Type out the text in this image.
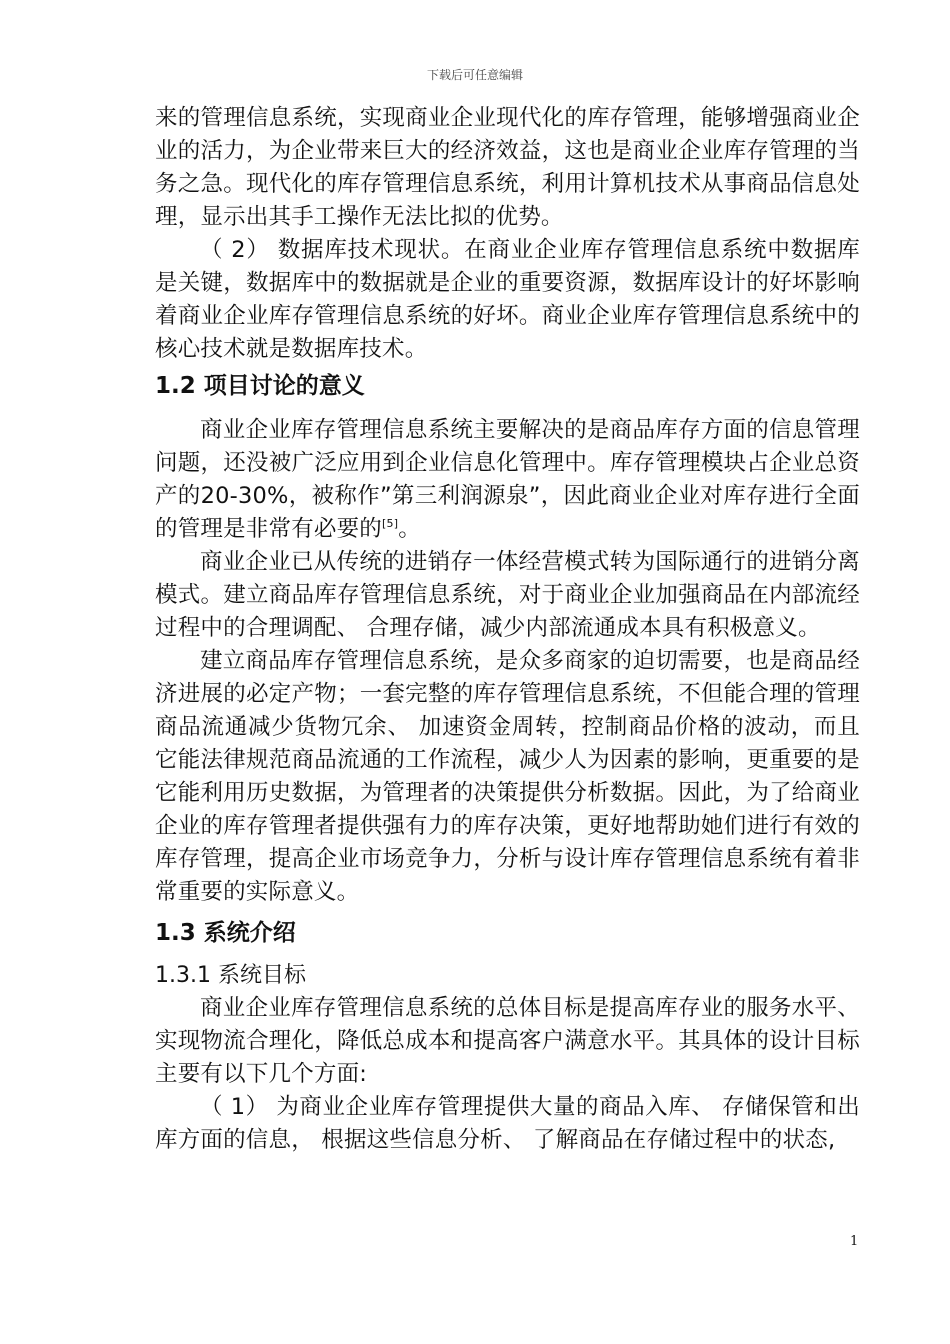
下载后可任意编辑

来的管理信息系统，实现商业企业现代化的库存管理，能够增强商业企业的活力，为企业带来巨大的经济效益，这也是商业企业库存管理的当务之急。现代化的库存管理信息系统，利用计算机技术从事商品信息处理，显示出其手工操作无法比拟的优势。

（ 2） 数据库技术现状。在商业企业库存管理信息系统中数据库是关键，数据库中的数据就是企业的重要资源，数据库设计的好坏影响着商业企业库存管理信息系统的好坏。商业企业库存管理信息系统中的核心技术就是数据库技术。

1.2 项目讨论的意义

商业企业库存管理信息系统主要解决的是商品库存方面的信息管理问题，还没被广泛应用到企业信息化管理中。库存管理模块占企业总资产的20-30%，被称作”第三利润源泉”，因此商业企业对库存进行全面的管理是非常有必要的[5]。

商业企业已从传统的进销存一体经营模式转为国际通行的进销分离模式。建立商品库存管理信息系统，对于商业企业加强商品在内部流经过程中的合理调配、 合理存储，减少内部流通成本具有积极意义。

建立商品库存管理信息系统，是众多商家的迫切需要，也是商品经济进展的必定产物；一套完整的库存管理信息系统，不但能合理的管理商品流通减少货物冗余、 加速资金周转，控制商品价格的波动，而且它能法律规范商品流通的工作流程，减少人为因素的影响，更重要的是它能利用历史数据，为管理者的决策提供分析数据。因此，为了给商业企业的库存管理者提供强有力的库存决策，更好地帮助她们进行有效的库存管理，提高企业市场竞争力，分析与设计库存管理信息系统有着非常重要的实际意义。

1.3 系统介绍
1.3.1 系统目标

商业企业库存管理信息系统的总体目标是提高库存业的服务水平、 实现物流合理化，降低总成本和提高客户满意水平。其具体的设计目标主要有以下几个方面:

（ 1） 为商业企业库存管理提供大量的商品入库、 存储保管和出库方面的信息， 根据这些信息分析、 了解商品在存储过程中的状态,

1
